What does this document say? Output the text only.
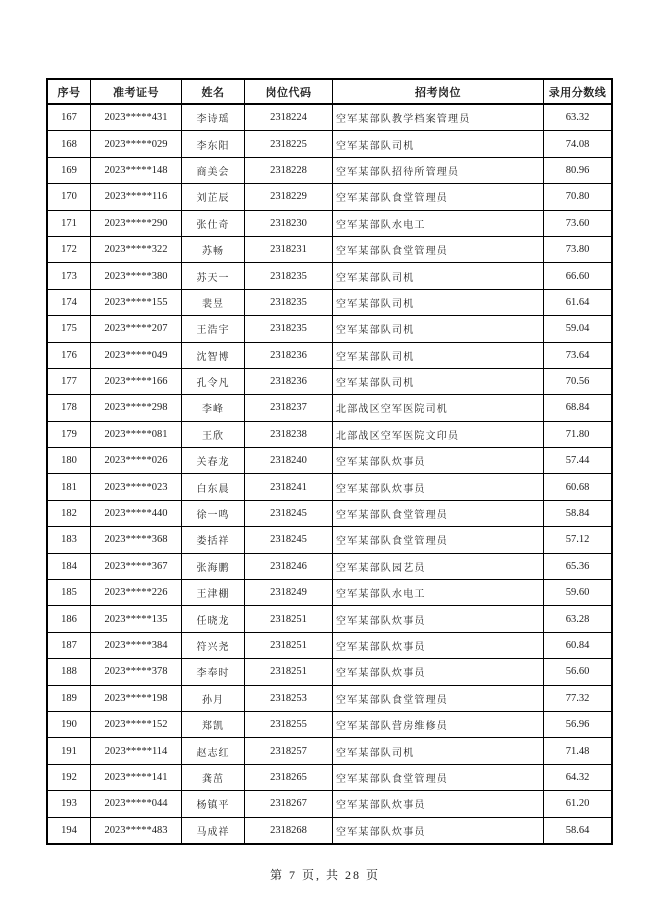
序号	准考证号	姓名	岗位代码	招考岗位	录用分数线
167	2023*****431	李诗瑶	2318224	空军某部队教学档案管理员	63.32
168	2023*****029	李东阳	2318225	空军某部队司机	74.08
169	2023*****148	商美会	2318228	空军某部队招待所管理员	80.96
170	2023*****116	刘芷辰	2318229	空军某部队食堂管理员	70.80
171	2023*****290	张仕奇	2318230	空军某部队水电工	73.60
172	2023*****322	苏畅	2318231	空军某部队食堂管理员	73.80
173	2023*****380	苏天一	2318235	空军某部队司机	66.60
174	2023*****155	裴昱	2318235	空军某部队司机	61.64
175	2023*****207	王浩宇	2318235	空军某部队司机	59.04
176	2023*****049	沈智博	2318236	空军某部队司机	73.64
177	2023*****166	孔令凡	2318236	空军某部队司机	70.56
178	2023*****298	李峰	2318237	北部战区空军医院司机	68.84
179	2023*****081	王欣	2318238	北部战区空军医院文印员	71.80
180	2023*****026	关春龙	2318240	空军某部队炊事员	57.44
181	2023*****023	白东晨	2318241	空军某部队炊事员	60.68
182	2023*****440	徐一鸣	2318245	空军某部队食堂管理员	58.84
183	2023*****368	娄括祥	2318245	空军某部队食堂管理员	57.12
184	2023*****367	张海鹏	2318246	空军某部队园艺员	65.36
185	2023*****226	王津棚	2318249	空军某部队水电工	59.60
186	2023*****135	任晓龙	2318251	空军某部队炊事员	63.28
187	2023*****384	符兴尧	2318251	空军某部队炊事员	60.84
188	2023*****378	李奉时	2318251	空军某部队炊事员	56.60
189	2023*****198	孙月	2318253	空军某部队食堂管理员	77.32
190	2023*****152	郑凯	2318255	空军某部队营房维修员	56.96
191	2023*****114	赵志红	2318257	空军某部队司机	71.48
192	2023*****141	龚茁	2318265	空军某部队食堂管理员	64.32
193	2023*****044	杨镇平	2318267	空军某部队炊事员	61.20
194	2023*****483	马成祥	2318268	空军某部队炊事员	58.64
第 7 页, 共 28 页
